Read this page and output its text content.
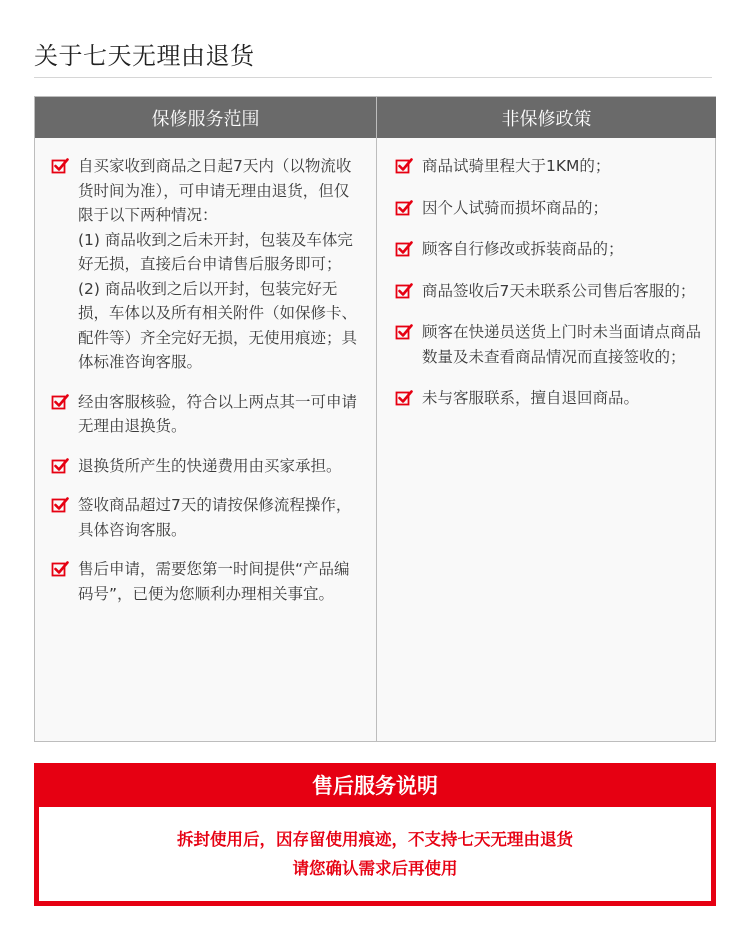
关于七天无理由退货
保修服务范围	非保修政策

自买家收到商品之日起7天内（以物流收货时间为准），可申请无理由退货，但仅限于以下两种情况：

(1) 商品收到之后未开封，包装及车体完好无损，直接后台申请售后服务即可；

(2) 商品收到之后以开封，包装完好无损，车体以及所有相关附件（如保修卡、配件等）齐全完好无损，无使用痕迹；具体标准咨询客服。

经由客服核验，符合以上两点其一可申请无理由退换货。

退换货所产生的快递费用由买家承担。

签收商品超过7天的请按保修流程操作，具体咨询客服。

售后申请，需要您第一时间提供“产品编码号”，已便为您顺利办理相关事宜。

商品试骑里程大于1KM的；

因个人试骑而损坏商品的；

顾客自行修改或拆装商品的；

商品签收后7天未联系公司售后客服的；

顾客在快递员送货上门时未当面请点商品数量及未查看商品情况而直接签收的；

未与客服联系，擅自退回商品。

售后服务说明
拆封使用后，因存留使用痕迹，不支持七天无理由退货
请您确认需求后再使用
